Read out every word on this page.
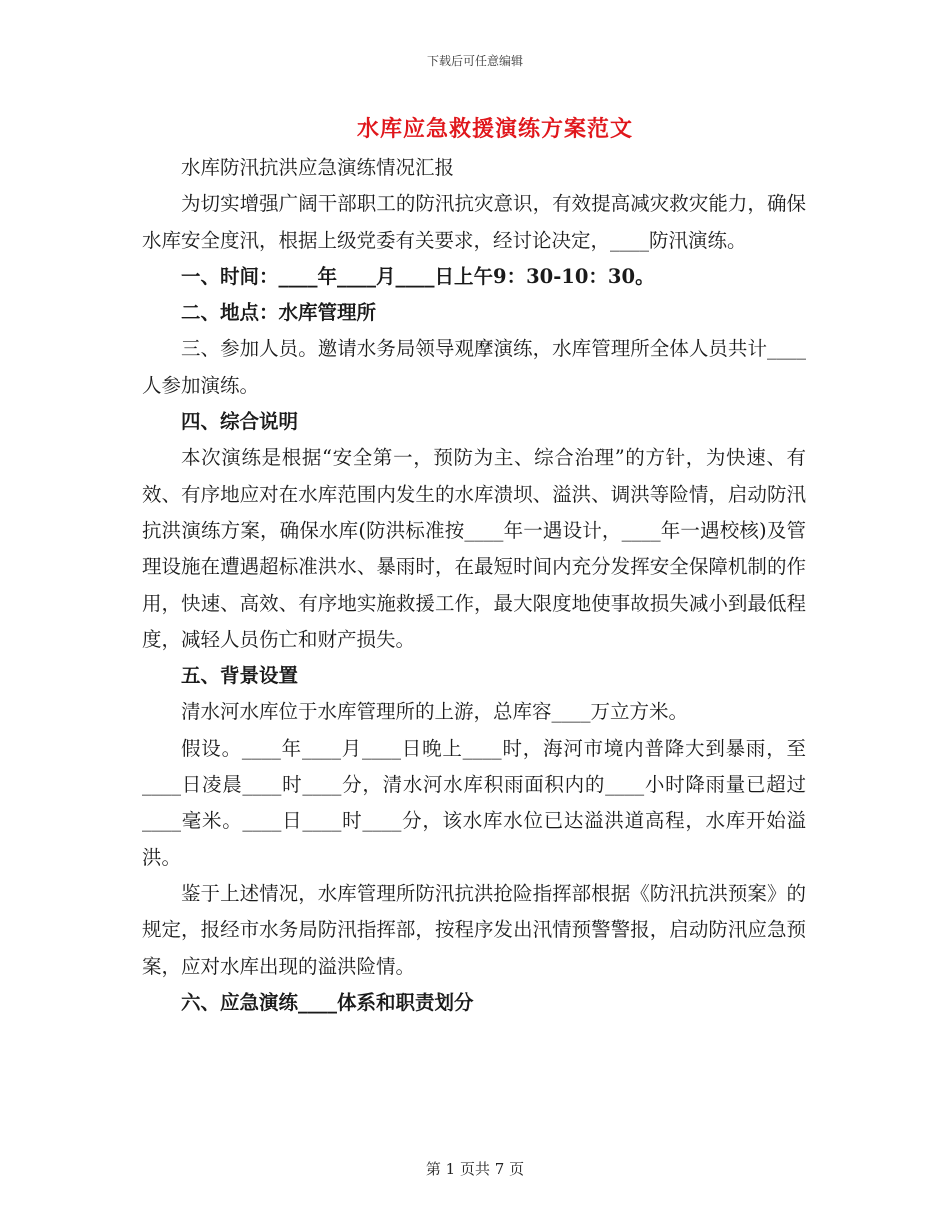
下载后可任意编辑
水库应急救援演练方案范文

水库防汛抗洪应急演练情况汇报

为切实增强广阔干部职工的防汛抗灾意识，有效提高减灾救灾能力，确保水库安全度汛，根据上级党委有关要求，经讨论决定，____防汛演练。

一、时间：____年____月____日上午9：30-10：30。

二、地点：水库管理所

三、参加人员。邀请水务局领导观摩演练，水库管理所全体人员共计____人参加演练。

四、综合说明

本次演练是根据“安全第一，预防为主、综合治理”的方针，为快速、有效、有序地应对在水库范围内发生的水库溃坝、溢洪、调洪等险情，启动防汛抗洪演练方案，确保水库(防洪标准按____年一遇设计，____年一遇校核)及管理设施在遭遇超标准洪水、暴雨时，在最短时间内充分发挥安全保障机制的作用，快速、高效、有序地实施救援工作，最大限度地使事故损失减小到最低程度，减轻人员伤亡和财产损失。

五、背景设置

清水河水库位于水库管理所的上游，总库容____万立方米。

假设。____年____月____日晚上____时，海河市境内普降大到暴雨，至____日凌晨____时____分，清水河水库积雨面积内的____小时降雨量已超过____毫米。____日____时____分，该水库水位已达溢洪道高程，水库开始溢洪。

鉴于上述情况，水库管理所防汛抗洪抢险指挥部根据《防汛抗洪预案》的规定，报经市水务局防汛指挥部，按程序发出汛情预警警报，启动防汛应急预案，应对水库出现的溢洪险情。

六、应急演练____体系和职责划分

第 1 页共 7 页
